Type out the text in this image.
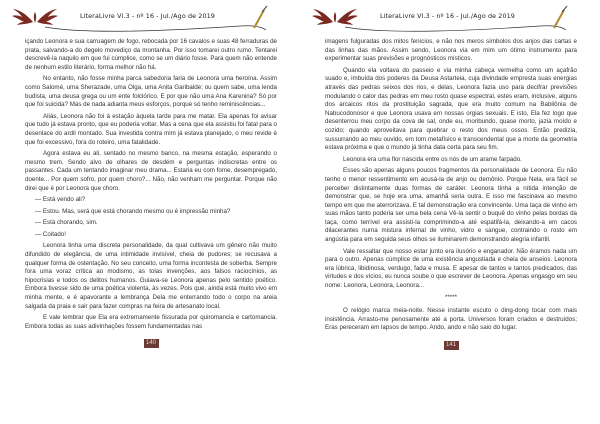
LiteraLivre Vl.3 - nº 16 - Jul./Ago de 2019

içando Leonora e sua carruagem de fogo, rebocada por 16 cavalos e suas 48 ferraduras de prata, salvando-a do degelo movediço da montanha. Por isso tomarei outro rumo. Tentarei descrevê-la naquilo em que fui cúmplice, como se um diário fosse. Para quem não entende de nenhum estilo literário, forma melhor não há.

No entanto, não fosse minha parca sabedoria faria de Leonora uma heroína. Assim como Salomé, uma Sherazade, uma Olga, uma Anita Garibalde; ou quem sabe, uma lenda budista, uma deusa grega ou um ente folclórico. E por que não uma Ana Karenina? Só por que foi suicida? Mas de nada adianta meus esforços, porque só tenho reminiscências...

Aliás, Leonora não foi à estação àquela tarde para me matar. Ela apenas foi avisar que tudo já estava pronto, que eu poderia voltar. Mas a cena que ela assistiu foi fatal para o desenlace do ardil montado. Sua investida contra mim já estava planejado, o meu revide é que foi excessivo, fora do roteiro, uma fatalidade.

Agora estava eu ali, sentado no mesmo banco, na mesma estação, esperando o mesmo trem. Sendo alvo de olhares de desdém e perguntas indiscretas entre os passantes. Cada um tentando imaginar meu drama... Estaria eu com fome, desempregado, doente... Por quem sofro, por quem choro?... Não, não venham me perguntar. Porque não direi que é por Leonora que choro.

— Está vendo ali?

— Estou. Mas, será que está chorando mesmo ou é impressão minha?

— Está chorando, sim.

— Coitado!

Leonora tinha uma discreta personalidade, da qual cultivava um gênero não muito difundido de elegância, de uma intimidade invisível, cheia de pudores; se recusava a qualquer forma de ostentação. No seu conceito, uma forma incontesta de soberba. Sempre fora uma voraz crítica ao modismo, as tolas invenções, aos falsos raciocínios, as hipocrisias e todos os delitos humanos. Guiava-se Leonora apenas pelo sentido poético. Embora tivesse sido de uma poética violenta, às vezes. Pois que, ainda está muito vivo em minha mente, e é apavorante a lembrança Dela me enterrando todo o corpo na areia salgada da praia e sair para fazer compras na feira de artesanato local.

E vale lembrar que Ela era extremamente fissurada por quiromancia e cartomancia. Embora todas as suas adivinhações fossem fundamentadas nas

140
LiteraLivre Vl.3 - nº 16 - Jul./Ago de 2019

imagens fulguradas dos mitos fenícios, e não nos meros símbolos dos anjos das cartas e das linhas das mãos. Assim sendo, Leonora via em mim um ótimo instrumento para experimentar suas previsões e prognósticos místicos.

Quando ela voltava do passeio e via minha cabeça vermelha como um açafrão suado e, imbuída dos poderes da Deusa Astarteia, cuja divindade empresta suas energias através das pedras seixos dos rios, e delas, Leonora fazia uso para decifrar previsões modulando o calor das pedras em meu rosto quase espectral, estes eram, inclusive, alguns dos arcaicos ritos da prostituição sagrada, que era muito comum na Babilônia de Nabucodonosor e que Leonora usava em nossas orgias sexuais. E isto, Ela fez logo que desenterrou meu corpo da cova de sal, onde eu, moribundo, quase morto, jazia moído e cozido; quando aproveitava para quebrar o resto dos meus ossos. Então predizia, sussurrando ao meu ouvido, em tom metafísico e transcendental que a morte da geometria estava próxima e que o mundo já tinha data certa para seu fim.

Leonora era uma flor nascida entre os nós de um arame farpado.

Esses são apenas alguns poucos fragmentos da personalidade de Leonora. Eu não tenho o menor ressentimento em acusá-la de anjo ou demônio. Porque Nela, era fácil se perceber distintamente duas formas de caráter. Leonora tinha a nítida intenção de demonstrar que, se hoje era uma, amanhã seria outra. E isso me fascinava ao mesmo tempo em que me aterrorizava. E tal demonstração era convincente. Uma taça de vinho em suas mãos tanto poderia ser uma bela cena Vê-la sentir o buquê do vinho pelas bordas da taça, como terrível era assisti-la comprimindo-a até espatifá-la, deixando-a em cacos dilacerantes numa mistura infernal de vinho, vidro e sangue, contraindo o rosto em angústia para em seguida seus olhos se iluminarem demonstrando alegria infantil.

Vale ressaltar que nosso estar junto era ilusório e enganador. Não éramos nada um para o outro. Apenas cúmplice de uma existência angustiada e cheia de anseios. Leonora era lúbrica, libidinosa, verdugo, fada e musa. E apesar de tantos e tantos predicados, das virtudes e dos vícios, eu nunca soube o que escrever de Leonora. Apenas engasgo em seu nome: Leonora, Leonora, Leonora...

*****

O relógio marca meia-noite. Nesse instante escuto o ding-dong tocar com mais insistência. Arrasto-me penosamente até a porta. Universos foram criados e destruídos; Eras pereceram em lapsos de tempo. Ando, ando e não saio do lugar.

141
